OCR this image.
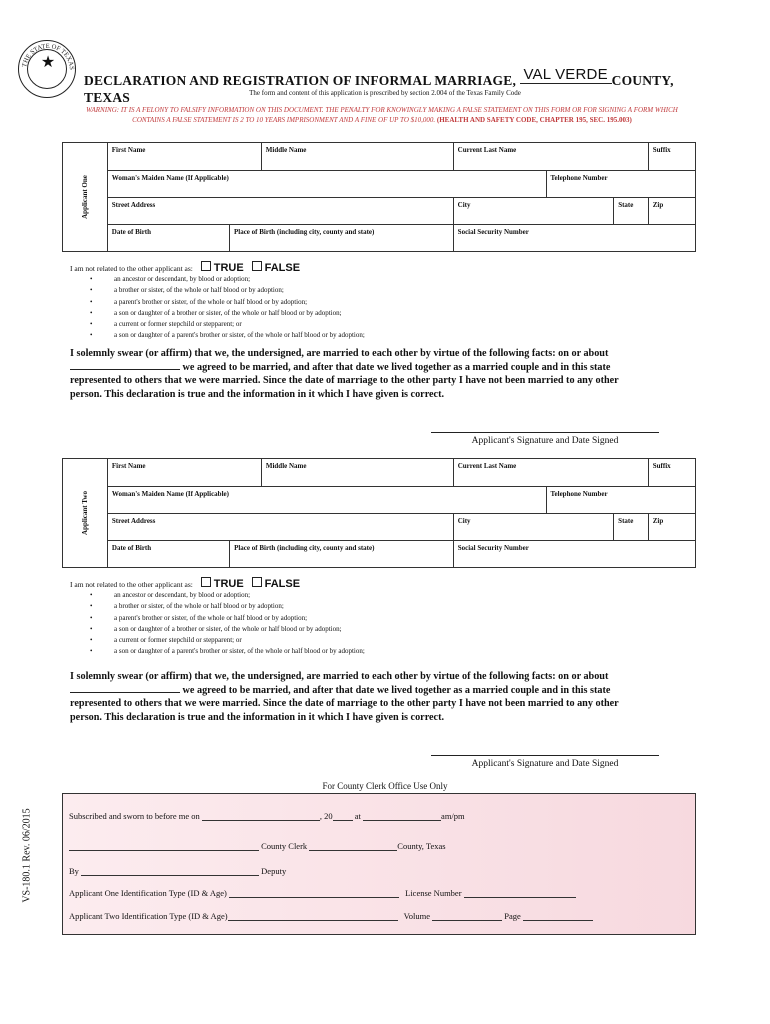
THE STATE OF TEXAS
★
DECLARATION AND REGISTRATION OF INFORMAL MARRIAGE, VAL VERDE COUNTY, TEXAS	The form and content of this application is prescribed by section 2.004 of the Texas Family Code
WARNING: IT IS A FELONY TO FALSIFY INFORMATION ON THIS DOCUMENT. THE PENALTY FOR KNOWINGLY MAKING A FALSE STATEMENT ON THIS FORM OR FOR SIGNING A FORM WHICH CONTAINS A FALSE STATEMENT IS 2 TO 10 YEARS IMPRISONMENT AND A FINE OF UP TO $10,000. (HEALTH AND SAFETY CODE, CHAPTER 195, SEC. 195.003)
Applicant One	First Name		Middle Name	Current Last Name			Suffix
	Woman's Maiden Name (If Applicable)				Telephone Number		
	Street Address			City		State	Zip
	Date of Birth	Place of Birth (including city, county and state)		Social Security Number			
I am not related to the other applicant as: TRUE FALSE
• an ancestor or descendant, by blood or adoption;
• a brother or sister, of the whole or half blood or by adoption;
• a parent's brother or sister, of the whole or half blood or by adoption;
• a son or daughter of a brother or sister, of the whole or half blood or by adoption;
• a current or former stepchild or stepparent; or
• a son or daughter of a parent's brother or sister, of the whole or half blood or by adoption;
I solemnly swear (or affirm) that we, the undersigned, are married to each other by virtue of the following facts: on or about
we agreed to be married, and after that date we lived together as a married couple and in this state
represented to others that we were married. Since the date of marriage to the other party I have not been married to any other
person. This declaration is true and the information in it which I have given is correct.
Applicant's Signature and Date Signed
Applicant Two	First Name		Middle Name	Current Last Name			Suffix
	Woman's Maiden Name (If Applicable)				Telephone Number		
	Street Address			City		State	Zip
	Date of Birth	Place of Birth (including city, county and state)		Social Security Number			
I am not related to the other applicant as: TRUE FALSE
• an ancestor or descendant, by blood or adoption;
• a brother or sister, of the whole or half blood or by adoption;
• a parent's brother or sister, of the whole or half blood or by adoption;
• a son or daughter of a brother or sister, of the whole or half blood or by adoption;
• a current or former stepchild or stepparent; or
• a son or daughter of a parent's brother or sister, of the whole or half blood or by adoption;
I solemnly swear (or affirm) that we, the undersigned, are married to each other by virtue of the following facts: on or about
we agreed to be married, and after that date we lived together as a married couple and in this state
represented to others that we were married. Since the date of marriage to the other party I have not been married to any other
person. This declaration is true and the information in it which I have given is correct.
Applicant's Signature and Date Signed
For County Clerk Office Use Only
Subscribed and sworn to before me on	, 20	at	am/pm
County Clerk	County, Texas
By	Deputy
Applicant One Identification Type (ID & Age)	License Number
Applicant Two Identification Type (ID & Age)	Volume	Page
VS-180.1 Rev. 06/2015
